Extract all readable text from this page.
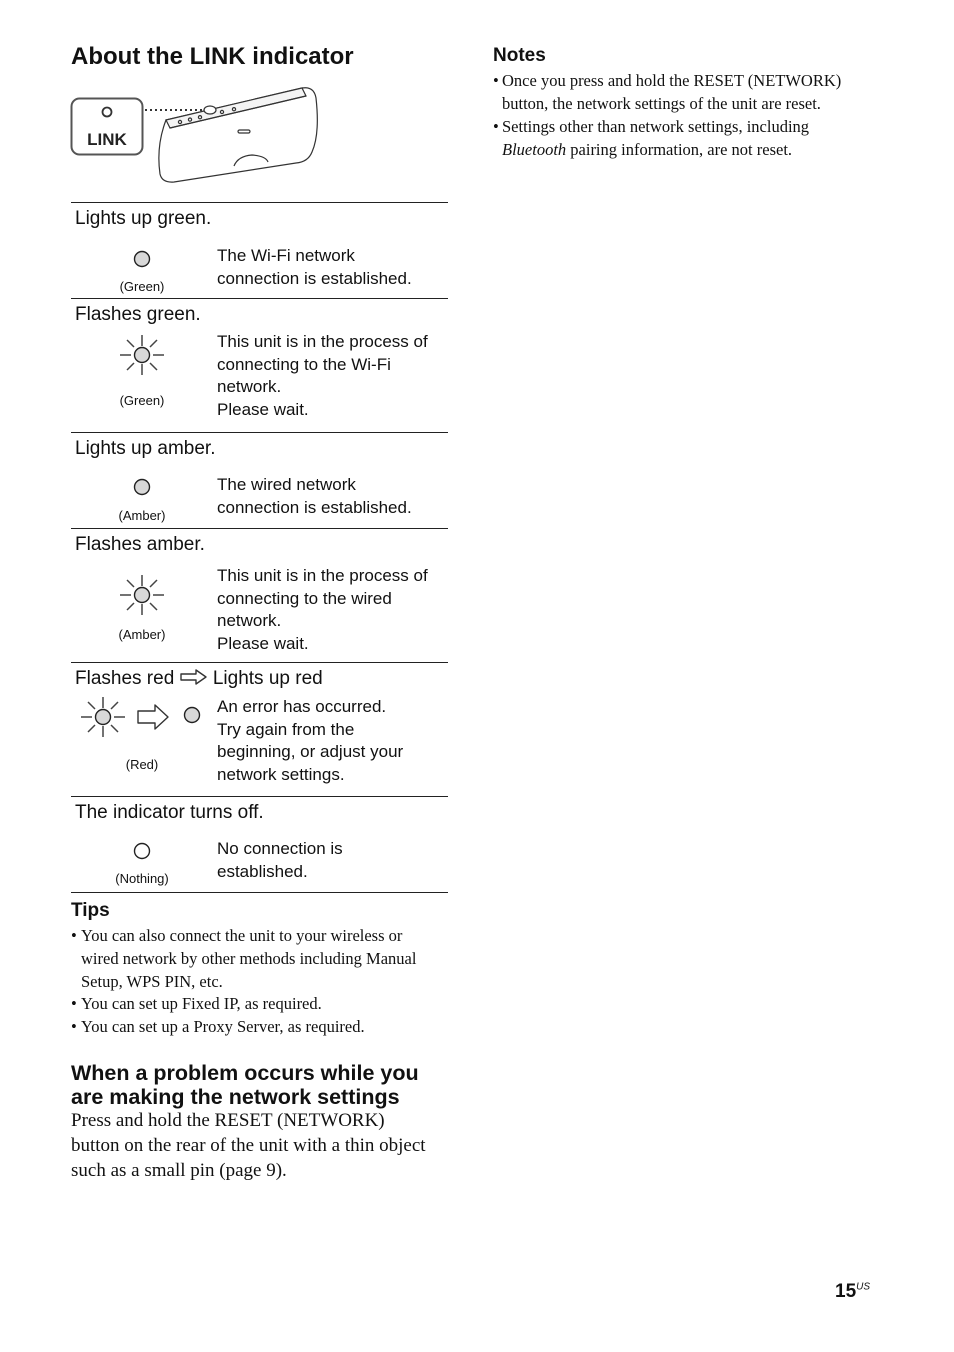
About the LINK indicator
LINK
Lights up green.
(Green)
The Wi-Fi network
connection is established.
Flashes green.
(Green)
This unit is in the process of
connecting to the Wi-Fi
network.
Please wait.
Lights up amber.
(Amber)
The wired network
connection is established.
Flashes amber.
(Amber)
This unit is in the process of
connecting to the wired
network.
Please wait.
Flashes red Lights up red
(Red)
An error has occurred.
Try again from the
beginning, or adjust your
network settings.
The indicator turns off.
(Nothing)
No connection is
established.
Tips
• You can also connect the unit to your wireless or
wired network by other methods including Manual
Setup, WPS PIN, etc.
• You can set up Fixed IP, as required.
• You can set up a Proxy Server, as required.
When a problem occurs while you
are making the network settings
Press and hold the RESET (NETWORK)
button on the rear of the unit with a thin object
such as a small pin (page 9).
Notes
• Once you press and hold the RESET (NETWORK)
button, the network settings of the unit are reset.
• Settings other than network settings, including
Bluetooth pairing information, are not reset.
$15^{US}$
